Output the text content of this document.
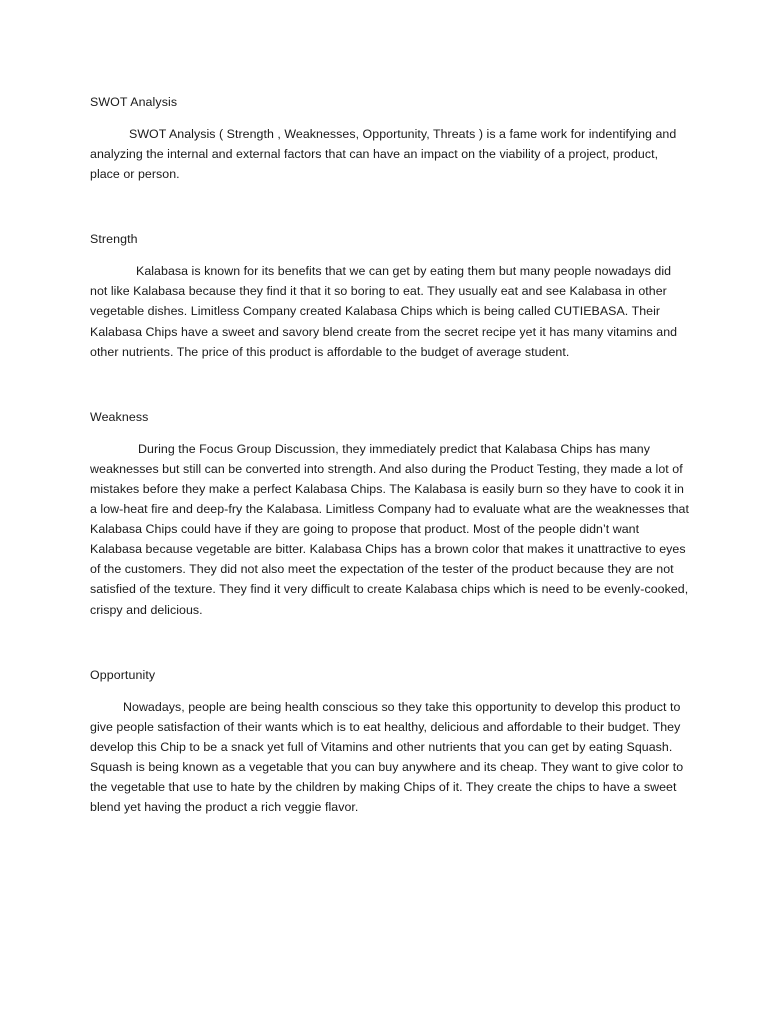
SWOT Analysis

SWOT Analysis ( Strength , Weaknesses, Opportunity, Threats ) is a fame work for indentifying and analyzing the internal and external factors that can have an impact on the viability of a project, product, place or person.

Strength

Kalabasa is known for its benefits that we can get by eating them but many people nowadays did not like Kalabasa because they find it that it so boring to eat. They usually eat and see Kalabasa in other vegetable dishes. Limitless Company created Kalabasa Chips which is being called CUTIEBASA. Their Kalabasa Chips have a sweet and savory blend create from the secret recipe yet it has many vitamins and other nutrients. The price of this product is affordable to the budget of average student.

Weakness

During the Focus Group Discussion, they immediately predict that Kalabasa Chips has many weaknesses but still can be converted into strength. And also during the Product Testing, they made a lot of mistakes before they make a perfect Kalabasa Chips. The Kalabasa is easily burn so they have to cook it in a low-heat fire and deep-fry the Kalabasa. Limitless Company had to evaluate what are the weaknesses that Kalabasa Chips could have if they are going to propose that product. Most of the people didn’t want Kalabasa because vegetable are bitter. Kalabasa Chips has a brown color that makes it unattractive to eyes of the customers. They did not also meet the expectation of the tester of the product because they are not satisfied of the texture. They find it very difficult to create Kalabasa chips which is need to be evenly-cooked, crispy and delicious.

Opportunity

Nowadays, people are being health conscious so they take this opportunity to develop this product to give people satisfaction of their wants which is to eat healthy, delicious and affordable to their budget. They develop this Chip to be a snack yet full of Vitamins and other nutrients that you can get by eating Squash. Squash is being known as a vegetable that you can buy anywhere and its cheap. They want to give color to the vegetable that use to hate by the children by making Chips of it. They create the chips to have a sweet blend yet having the product a rich veggie flavor.
